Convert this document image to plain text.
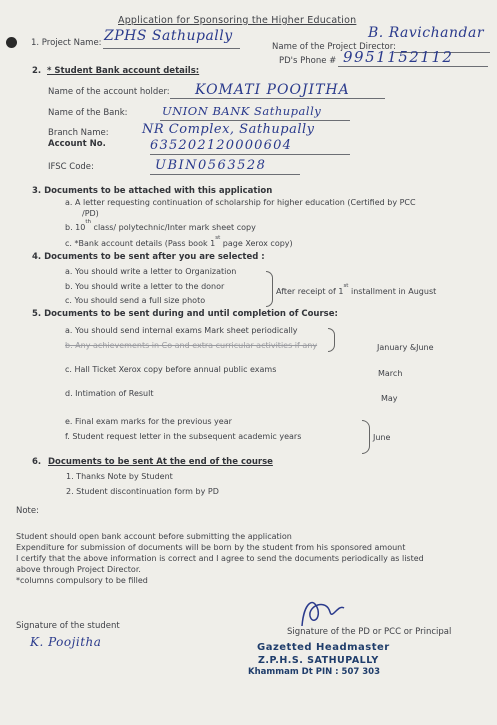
Application for Sponsoring the Higher Education
1. Project Name: ZPHS Sathupally
Name of the Project Director:
B. Ravichandar
PD's Phone # 9951152112
2. * Student Bank account details:
Name of the account holder: KOMATI POOJITHA
Name of the Bank:	UNION BANK Sathupally
Branch Name:	NR Complex, Sathupally
Account No.	635202120000604
IFSC Code:	UBIN0563528
3. Documents to be attached with this application
a. A letter requesting continuation of scholarship for higher education (Certified by PCC
/PD)
b. 10th class/ polytechnic/Inter mark sheet copy
c. *Bank account details (Pass book 1st page Xerox copy)
4. Documents to be sent after you are selected :
a. You should write a letter to Organization
b. You should write a letter to the donor
c. You should send a full size photo
After receipt of 1st installment in August
5. Documents to be sent during and until completion of Course:
a. You should send internal exams Mark sheet periodically
b. Any achievements in Co and extra curricular activities if any	January &June
c. Hall Ticket Xerox copy before annual public exams	March
d. Intimation of Result
May
e. Final exam marks for the previous year
f. Student request letter in the subsequent academic years	June
6. Documents to be sent At the end of the course
1. Thanks Note by Student
2. Student discontinuation form by PD
Note:
Student should open bank account before submitting the application
Expenditure for submission of documents will be born by the student from his sponsored amount
I certify that the above information is correct and I agree to send the documents periodically as listed
above through Project Director.
*columns compulsory to be filled
Signature of the student
K. Poojitha
Signature of the PD or PCC or Principal
Gazetted Headmaster
Z.P.H.S. SATHUPALLY
Khammam Dt PIN : 507 303
